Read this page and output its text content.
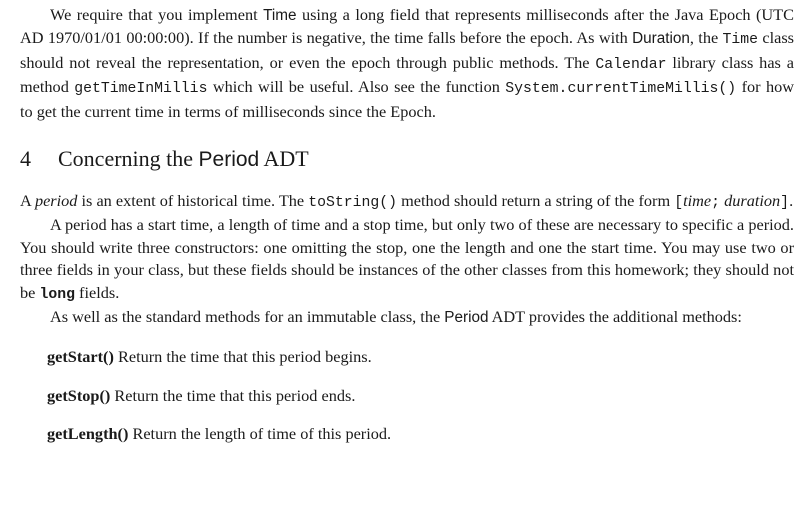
We require that you implement Time using a long field that represents milliseconds after the Java Epoch (UTC AD 1970/01/01 00:00:00). If the number is negative, the time falls before the epoch. As with Duration, the Time class should not reveal the representation, or even the epoch through public methods. The Calendar library class has a method getTimeInMillis which will be useful. Also see the function System.currentTimeMillis() for how to get the current time in terms of milliseconds since the Epoch.

4 Concerning the Period ADT

A period is an extent of historical time. The toString() method should return a string of the form [time; duration].

A period has a start time, a length of time and a stop time, but only two of these are necessary to specific a period. You should write three constructors: one omitting the stop, one the length and one the start time. You may use two or three fields in your class, but these fields should be instances of the other classes from this homework; they should not be long fields.

As well as the standard methods for an immutable class, the Period ADT provides the additional methods:

getStart() Return the time that this period begins.
getStop() Return the time that this period ends.
getLength() Return the length of time of this period.
